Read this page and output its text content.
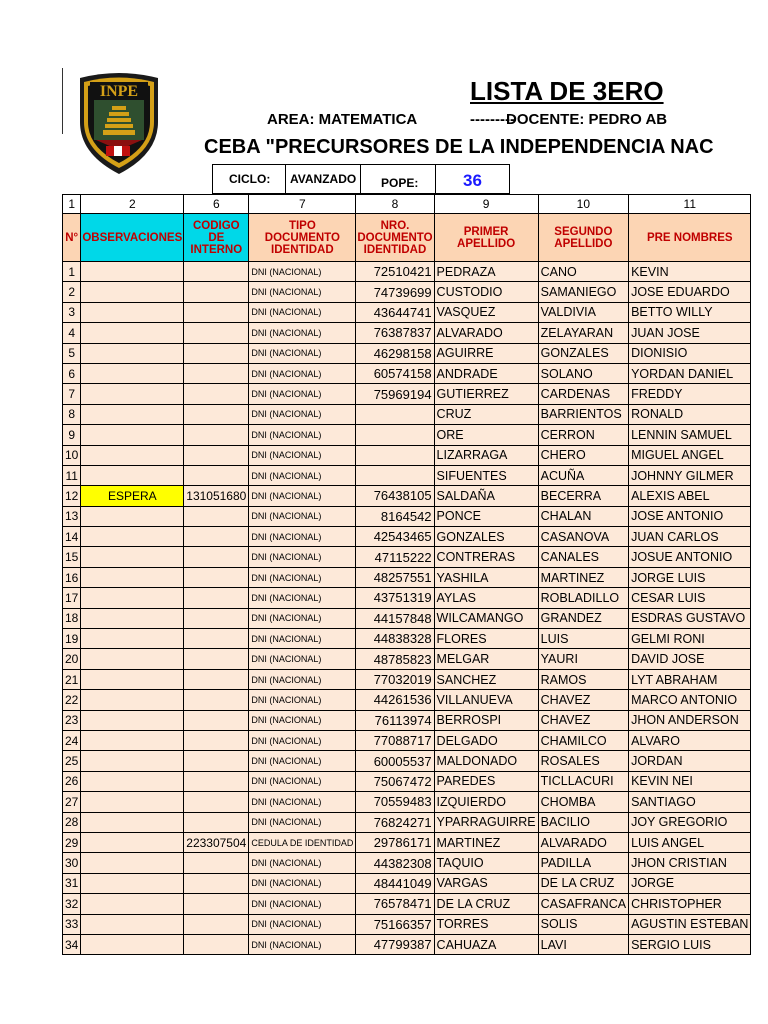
INPE	LISTA DE 3ERO
AREA: MATEMATICA	---------
DOCENTE: PEDRO AB
CEBA "PRECURSORES DE LA INDEPENDENCIA NAC
CICLO: AVANZADO POPE:	36
1	2	6	7	8	9	10	11
N°	OBSERVACIONES	CODIGO DE INTERNO	TIPO DOCUMENTO IDENTIDAD	NRO. DOCUMENTO IDENTIDAD	PRIMER APELLIDO	SEGUNDO APELLIDO	PRE NOMBRES
1			DNI (NACIONAL)	72510421	PEDRAZA	CANO	KEVIN
2			DNI (NACIONAL)	74739699	CUSTODIO	SAMANIEGO	JOSE EDUARDO
3			DNI (NACIONAL)	43644741	VASQUEZ	VALDIVIA	BETTO WILLY
4			DNI (NACIONAL)	76387837	ALVARADO	ZELAYARAN	JUAN JOSE
5			DNI (NACIONAL)	46298158	AGUIRRE	GONZALES	DIONISIO
6			DNI (NACIONAL)	60574158	ANDRADE	SOLANO	YORDAN DANIEL
7			DNI (NACIONAL)	75969194	GUTIERREZ	CARDENAS	FREDDY
8			DNI (NACIONAL)		CRUZ	BARRIENTOS	RONALD
9			DNI (NACIONAL)		ORE	CERRON	LENNIN SAMUEL
10			DNI (NACIONAL)		LIZARRAGA	CHERO	MIGUEL ANGEL
11			DNI (NACIONAL)		SIFUENTES	ACUÑA	JOHNNY GILMER
12	ESPERA	131051680	DNI (NACIONAL)	76438105	SALDAÑA	BECERRA	ALEXIS ABEL
13			DNI (NACIONAL)	8164542	PONCE	CHALAN	JOSE ANTONIO
14			DNI (NACIONAL)	42543465	GONZALES	CASANOVA	JUAN CARLOS
15			DNI (NACIONAL)	47115222	CONTRERAS	CANALES	JOSUE ANTONIO
16			DNI (NACIONAL)	48257551	YASHILA	MARTINEZ	JORGE LUIS
17			DNI (NACIONAL)	43751319	AYLAS	ROBLADILLO	CESAR LUIS
18			DNI (NACIONAL)	44157848	WILCAMANGO	GRANDEZ	ESDRAS GUSTAVO
19			DNI (NACIONAL)	44838328	FLORES	LUIS	GELMI RONI
20			DNI (NACIONAL)	48785823	MELGAR	YAURI	DAVID JOSE
21			DNI (NACIONAL)	77032019	SANCHEZ	RAMOS	LYT ABRAHAM
22			DNI (NACIONAL)	44261536	VILLANUEVA	CHAVEZ	MARCO ANTONIO
23			DNI (NACIONAL)	76113974	BERROSPI	CHAVEZ	JHON ANDERSON
24			DNI (NACIONAL)	77088717	DELGADO	CHAMILCO	ALVARO
25			DNI (NACIONAL)	60005537	MALDONADO	ROSALES	JORDAN
26			DNI (NACIONAL)	75067472	PAREDES	TICLLACURI	KEVIN NEI
27			DNI (NACIONAL)	70559483	IZQUIERDO	CHOMBA	SANTIAGO
28			DNI (NACIONAL)	76824271	YPARRAGUIRRE	BACILIO	JOY GREGORIO
29		223307504	CEDULA DE IDENTIDAD	29786171	MARTINEZ	ALVARADO	LUIS ANGEL
30			DNI (NACIONAL)	44382308	TAQUIO	PADILLA	JHON CRISTIAN
31			DNI (NACIONAL)	48441049	VARGAS	DE LA CRUZ	JORGE
32			DNI (NACIONAL)	76578471	DE LA CRUZ	CASAFRANCA	CHRISTOPHER
33			DNI (NACIONAL)	75166357	TORRES	SOLIS	AGUSTIN ESTEBAN
34			DNI (NACIONAL)	47799387	CAHUAZA	LAVI	SERGIO LUIS
